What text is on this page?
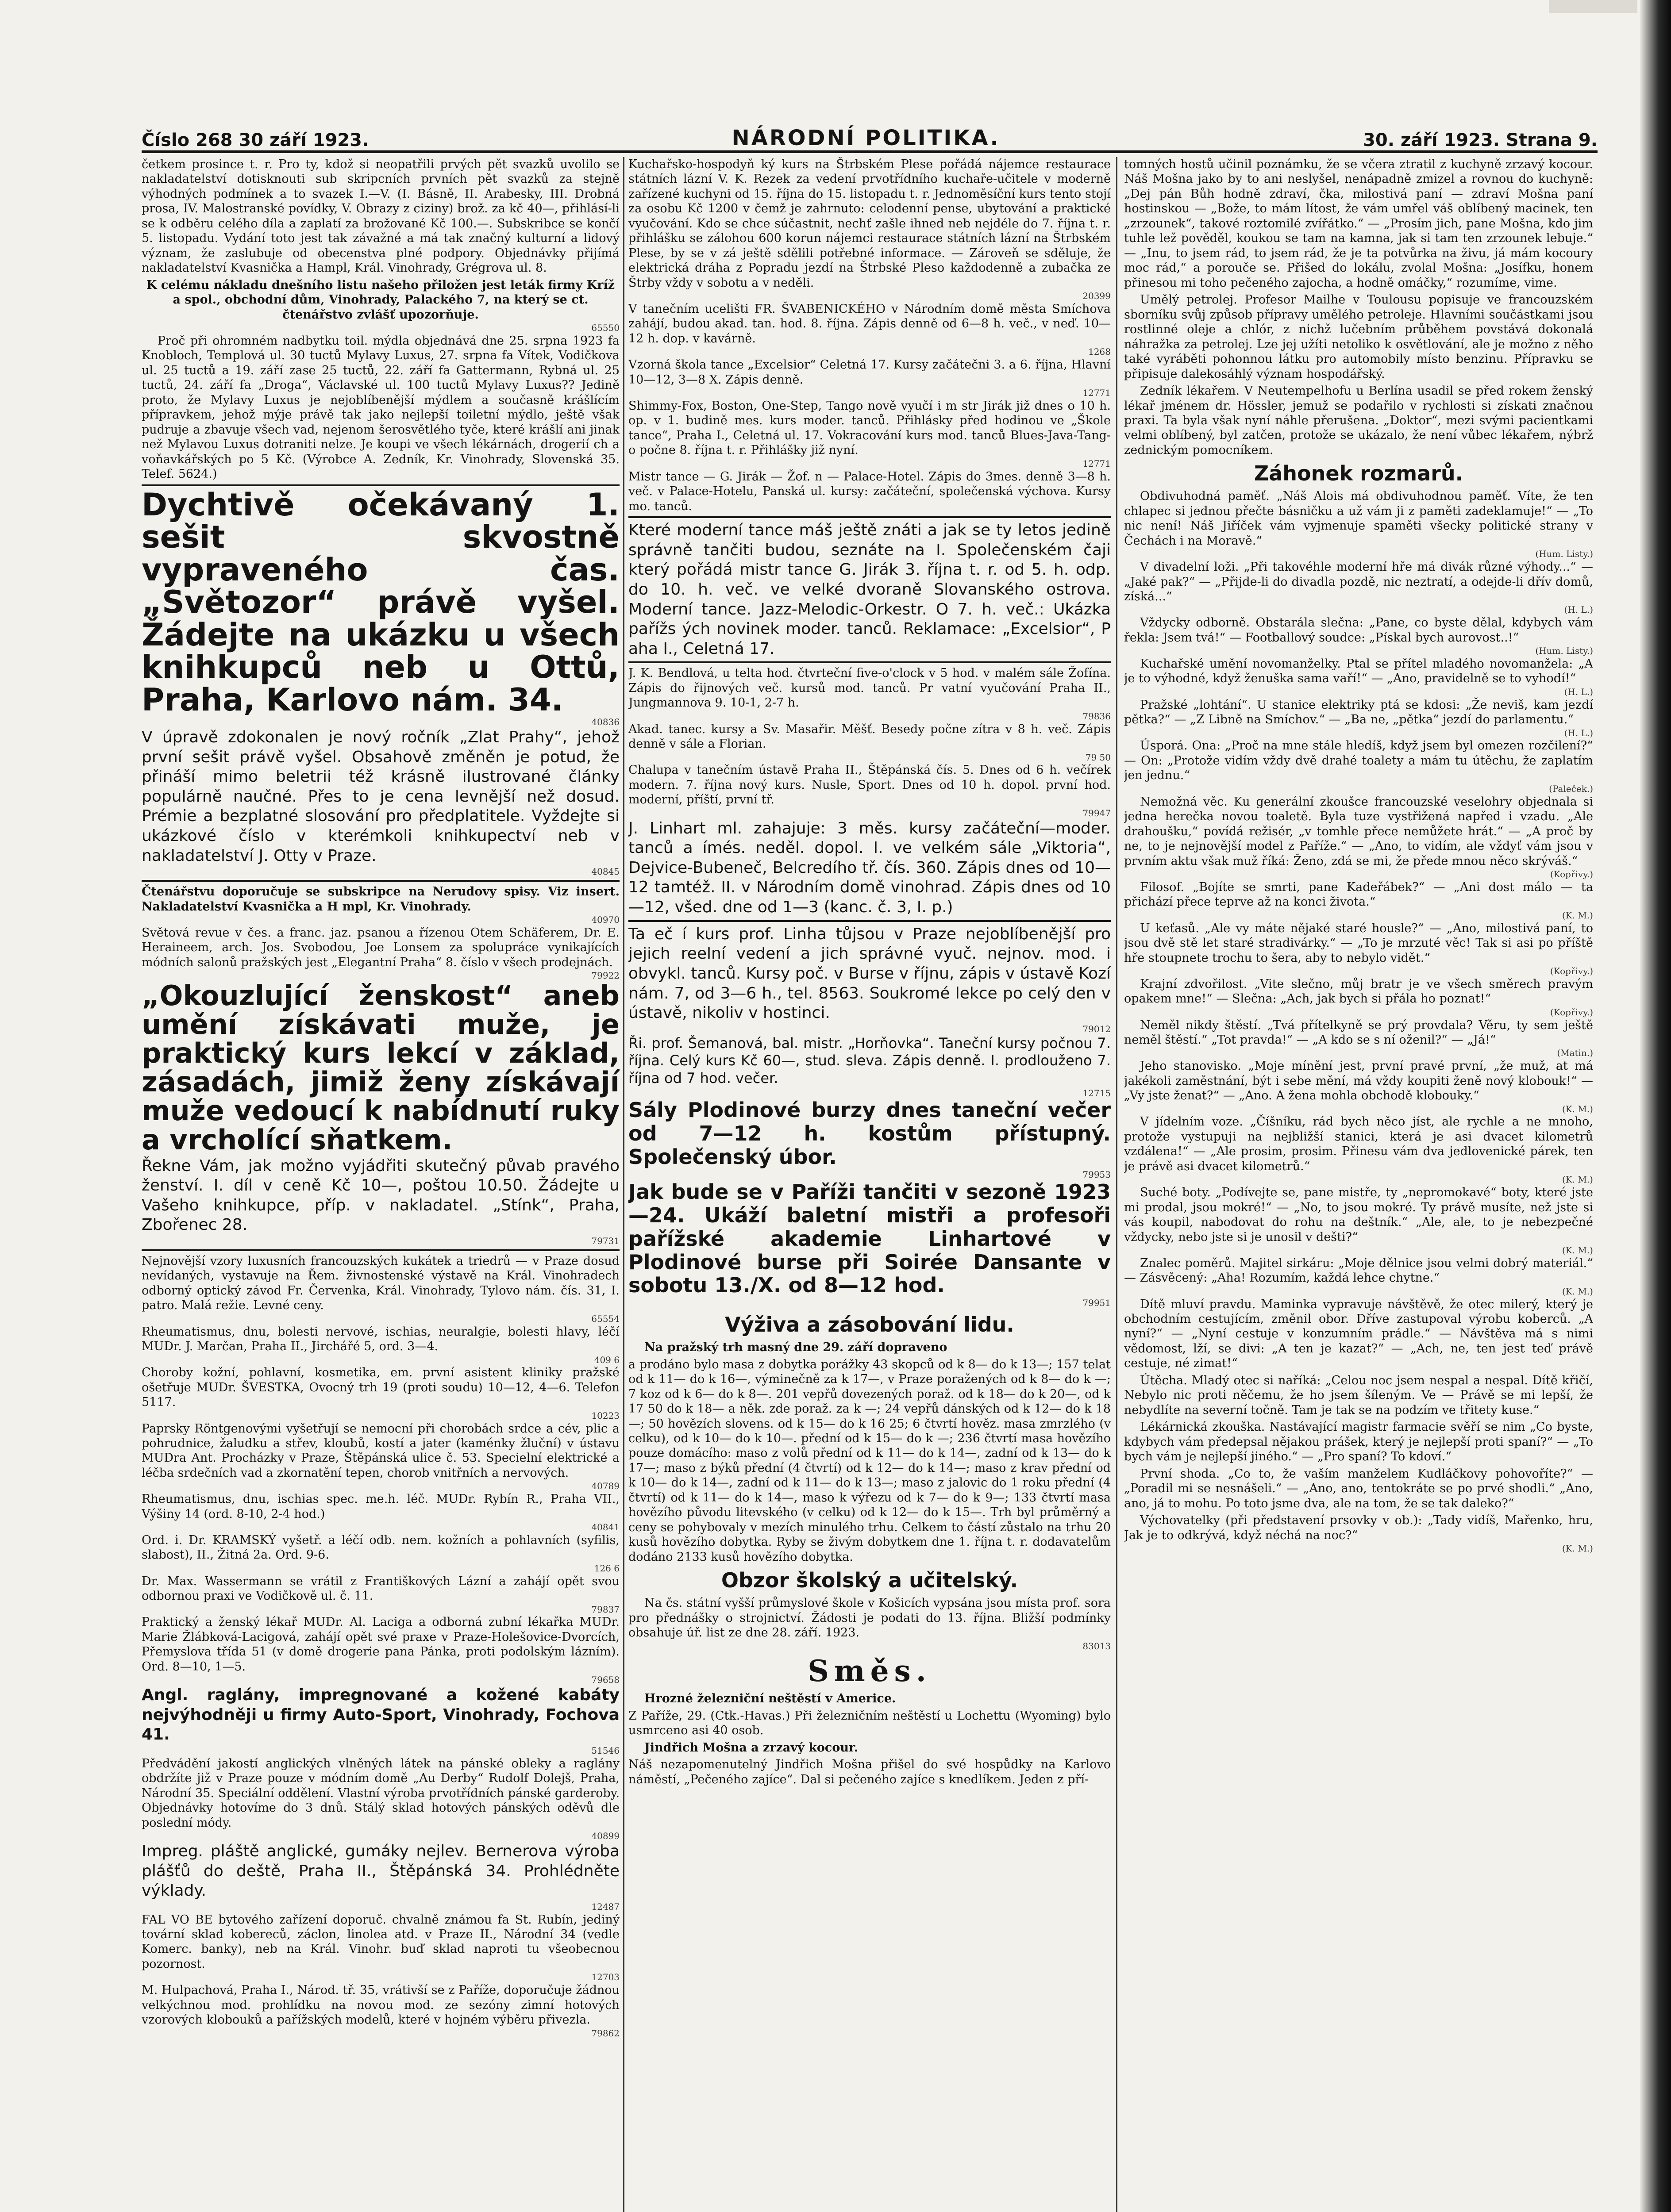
Číslo 268 30 září 1923.	NÁRODNÍ POLITIKA.	30. září 1923. Strana 9.

četkem prosince t. r. Pro ty, kdož si neopatřili prvých pět svazků uvolilo se nakladatelství dotisknouti sub skripcních prvních pět svazků za stejně výhodných podmínek a to svazek I.—V. (I. Básně, II. Arabesky, III. Drobná prosa, IV. Malostranské povídky, V. Obrazy z ciziny) brož. za kč 40—, přihlásí-li se k odběru celého díla a zaplatí za brožované Kč 100.—. Subskribce se končí 5. listopadu. Vydání toto jest tak závažné a má tak značný kulturní a lidový význam, že zaslubuje od obecenstva plné podpory. Objednávky přijímá nakladatelství Kvasnička a Hampl, Král. Vinohrady, Grégrova ul. 8.

K celému nákladu dnešního listu našeho přiložen jest leták firmy Kríž a spol., obchodní dům, Vinohrady, Palackého 7, na který se ct. čtenářstvo zvlášť upozorňuje.

65550

Proč při ohromném nadbytku toil. mýdla objednává dne 25. srpna 1923 fa Knobloch, Templová ul. 30 tuctů Mylavy Luxus, 27. srpna fa Vítek, Vodičkova ul. 25 tuctů a 19. září zase 25 tuctů, 22. září fa Gattermann, Rybná ul. 25 tuctů, 24. září fa „Droga“, Václavské ul. 100 tuctů Mylavy Luxus?? Jedině proto, že Mylavy Luxus je nejoblíbenější mýdlem a současně krášlícím přípravkem, jehož mýje právě tak jako nejlepší toiletní mýdlo, ještě však pudruje a zbavuje všech vad, nejenom šerosvětlého tyče, které krášlí ani jinak než Mylavou Luxus dotraniti nelze. Je koupi ve všech lékárnách, drogerií ch a voňavkářských po 5 Kč. (Výrobce A. Zedník, Kr. Vinohrady, Slovenská 35. Telef. 5624.)

Dychtivě očekávaný 1. sešit skvostně vypraveného čas. „Světozor“ právě vyšel. Žádejte na ukázku u všech knihkupců neb u Ottů, Praha, Karlovo nám. 34.

40836

V úpravě zdokonalen je nový ročník „Zlat Prahy“, jehož první sešit právě vyšel. Obsahově změněn je potud, že přináší mimo beletrii též krásně ilustrované články populárně naučné. Přes to je cena levnější než dosud. Prémie a bezplatné slosování pro předplatitele. Vyždejte si ukázkové číslo v kterémkoli knihkupectví neb v nakladatelství J. Otty v Praze.

40845

Čtenářstvu doporučuje se subskripce na Nerudovy spisy. Viz insert. Nakladatelství Kvasnička a H mpl, Kr. Vinohrady.

40970

Světová revue v čes. a franc. jaz. psanou a řízenou Otem Schäferem, Dr. E. Heraineem, arch. Jos. Svobodou, Joe Lonsem za spolupráce vynikajících módních salonů pražských jest „Elegantní Praha“ 8. číslo v všech prodejnách.

79922

„Okouzlující ženskost“ aneb umění získávati muže, je praktický kurs lekcí v základ, zásadách, jimiž ženy získávají muže vedoucí k nabídnutí ruky a vrcholící sňatkem.

Řekne Vám, jak možno vyjádřiti skutečný půvab pravého ženství. I. díl v ceně Kč 10—, poštou 10.50. Žádejte u Vašeho knihkupce, příp. v nakladatel. „Stínk“, Praha, Zbořenec 28.

79731

Nejnovější vzory luxusních francouzských kukátek a triedrů — v Praze dosud nevídaných, vystavuje na Řem. živnostenské výstavě na Král. Vinohradech odborný optický závod Fr. Červenka, Král. Vinohrady, Tylovo nám. čís. 31, I. patro. Malá režie. Levné ceny.

65554

Rheumatismus, dnu, bolesti nervové, ischias, neuralgie, bolesti hlavy, léčí MUDr. J. Marčan, Praha II., Jirchářé 5, ord. 3—4.

409 6

Choroby kožní, pohlavní, kosmetika, em. první asistent kliniky pražské ošetřuje MUDr. ŠVESTKA, Ovocný trh 19 (proti soudu) 10—12, 4—6. Telefon 5117.

10223

Paprsky Röntgenovými vyšetřují se nemocní při chorobách srdce a cév, plic a pohrudnice, žaludku a střev, kloubů, kostí a jater (kaménky žluční) v ústavu MUDra Ant. Procházky v Praze, Štěpánská ulice č. 53. Specielní elektrické a léčba srdečních vad a zkornatění tepen, chorob vnitřních a nervových.

40789

Rheumatismus, dnu, ischias spec. me.h. léč. MUDr. Rybín R., Praha VII., Výšiny 14 (ord. 8-10, 2-4 hod.)

40841

Ord. i. Dr. KRAMSKÝ vyšetř. a léčí odb. nem. kožních a pohlavních (syfilis, slabost), II., Žitná 2a. Ord. 9-6.

126 6

Dr. Max. Wassermann se vrátil z Františkových Lázní a zahájí opět svou odbornou praxi ve Vodičkově ul. č. 11.

79837

Praktický a ženský lékař MUDr. Al. Laciga a odborná zubní lékařka MUDr. Marie Žlábková-Lacigová, zahájí opět své praxe v Praze-Holešovice-Dvorcích, Přemyslova třída 51 (v domě drogerie pana Pánka, proti podolským lázním). Ord. 8—10, 1—5.

79658

Angl. raglány, impregnované a kožené kabáty nejvýhodněji u firmy Auto-Sport, Vinohrady, Fochova 41.

51546

Předvádění jakostí anglických vlněných látek na pánské obleky a raglány obdržíte již v Praze pouze v módním domě „Au Derby“ Rudolf Dolejš, Praha, Národní 35. Speciální oddělení. Vlastní výroba prvotřídních pánské garderoby. Objednávky hotovíme do 3 dnů. Stálý sklad hotových pánských oděvů dle poslední módy.

40899

Impreg. pláště anglické, gumáky nejlev. Bernerova výroba plášťů do deště, Praha II., Štěpánská 34. Prohlédněte výklady.

12487

FAL VO BE bytového zařízení doporuč. chvalně známou fa St. Rubín, jediný tovární sklad kobereců, záclon, linolea atd. v Praze II., Národní 34 (vedle Komerc. banky), neb na Král. Vinohr. buď sklad naproti tu všeobecnou pozornost.

12703

M. Hulpachová, Praha I., Národ. tř. 35, vrátivší se z Paříže, doporučuje žádnou velkýchnou mod. prohlídku na novou mod. ze sezóny zimní hotových vzorových klobouků a pařížských modelů, které v hojném výběru přivezla.

79862

Kuchařsko-hospodyň ký kurs na Štrbském Plese pořádá nájemce restaurace státních lázní V. K. Rezek za vedení prvotřídního kuchaře-učitele v moderně zařízené kuchyni od 15. října do 15. listopadu t. r. Jednoměsíční kurs tento stojí za osobu Kč 1200 v čemž je zahrnuto: celodenní pense, ubytování a praktické vyučování. Kdo se chce súčastnit, nechť zašle ihned neb nejdéle do 7. října t. r. přihlášku se zálohou 600 korun nájemci restaurace státních lázní na Štrbském Plese, by se v zá ještě sdělili potřebné informace. — Zároveň se sděluje, že elektrická dráha z Popradu jezdí na Štrbské Pleso každodenně a zubačka ze Štrby vždy v sobotu a v neděli.

20399

V tanečním ucelišti FR. ŠVABENICKÉHO v Národním domě města Smíchova zahájí, budou akad. tan. hod. 8. října. Zápis denně od 6—8 h. več., v neď. 10—12 h. dop. v kavárně.

1268

Vzorná škola tance „Excelsior“ Celetná 17. Kursy začátečni 3. a 6. října, Hlavní 10—12, 3—8 X. Zápis denně.

12771

Shimmy-Fox, Boston, One-Step, Tango nově vyučí i m str Jirák již dnes o 10 h. op. v 1. budině mes. kurs moder. tanců. Přihlásky před hodinou ve „Škole tance“, Praha I., Celetná ul. 17. Vokracování kurs mod. tanců Blues-Java-Tang-o počne 8. října t. r. Přihlášky již nyní.

12771

Mistr tance — G. Jirák — Žof. n — Palace-Hotel. Zápis do 3mes. denně 3—8 h. več. v Palace-Hotelu, Panská ul. kursy: začáteční, společenská výchova. Kursy mo. tanců.

Které moderní tance máš ještě znáti a jak se ty letos jedině správně tančiti budou, seznáte na I. Společenském čaji který pořádá mistr tance G. Jirák 3. října t. r. od 5. h. odp. do 10. h. več. ve velké dvoraně Slovanského ostrova. Moderní tance. Jazz-Melodic-Orkestr. O 7. h. več.: Ukázka pařížs ých novinek moder. tanců. Reklamace: „Excelsior“, P aha I., Celetná 17.

J. K. Bendlová, u telta hod. čtvrteční five-o'clock v 5 hod. v malém sále Žofína. Zápis do řijnových več. kursů mod. tanců. Pr vatní vyučování Praha II., Jungmannova 9. 10-1, 2-7 h.

79836

Akad. tanec. kursy a Sv. Masařir. Měšť. Besedy počne zítra v 8 h. več. Zápis denně v sále a Florian.

79 50

Chalupa v tanečním ústavě Praha II., Štěpánská čís. 5. Dnes od 6 h. večírek modern. 7. října nový kurs. Nusle, Sport. Dnes od 10 h. dopol. první hod. moderní, příští, první tř.

79947

J. Linhart ml. zahajuje: 3 měs. kursy začáteční—moder. tanců a ímés. neděl. dopol. I. ve velkém sále „Viktoria“, Dejvice-Bubeneč, Belcredího tř. čís. 360. Zápis dnes od 10—12 tamtéž. II. v Národním domě vinohrad. Zápis dnes od 10—12, všed. dne od 1—3 (kanc. č. 3, I. p.)

Ta eč í kurs prof. Linha tůjsou v Praze nejoblíbenější pro jejich reelní vedení a jich správné vyuč. nejnov. mod. i obvykl. tanců. Kursy poč. v Burse v říjnu, zápis v ústavě Kozí nám. 7, od 3—6 h., tel. 8563. Soukromé lekce po celý den v ústavě, nikoliv v hostinci.

79012

Ři. prof. Šemanová, bal. mistr. „Horňovka“. Taneční kursy počnou 7. října. Celý kurs Kč 60—, stud. sleva. Zápis denně. I. prodlouženo 7. října od 7 hod. večer.

12715

Sály Plodinové burzy dnes taneční večer od 7—12 h. kostům přístupný. Společenský úbor.

79953

Jak bude se v Paříži tančiti v sezoně 1923—24. Ukáží baletní mistři a profesoři pařížské akademie Linhartové v Plodinové burse při Soirée Dansante v sobotu 13./X. od 8—12 hod.

79951
Výživa a zásobování lidu.

Na pražský trh masný dne 29. září dopraveno

a prodáno bylo masa z dobytka porážky 43 skopců od k 8— do k 13—; 157 telat od k 11— do k 16—, výminečně za k 17—, v Praze poražených od k 8— do k —; 7 koz od k 6— do k 8—. 201 vepřů dovezených poraž. od k 18— do k 20—, od k 17 50 do k 18— a něk. zde poraž. za k —; 24 vepřů dánských od k 12— do k 18—; 50 hovězích slovens. od k 15— do k 16 25; 6 čtvrtí hověz. masa zmrzlého (v celku), od k 10— do k 10—. přední od k 15— do k —; 236 čtvrtí masa hovězího pouze domácího: maso z volů přední od k 11— do k 14—, zadní od k 13— do k 17—; maso z býků přední (4 čtvrtí) od k 12— do k 14—; maso z krav přední od k 10— do k 14—, zadní od k 11— do k 13—; maso z jalovic do 1 roku přední (4 čtvrtí) od k 11— do k 14—, maso k výřezu od k 7— do k 9—; 133 čtvrtí masa hovězího původu litevského (v celku) od k 12— do k 15—. Trh byl průměrný a ceny se pohybovaly v mezích minulého trhu. Celkem to částí zůstalo na trhu 20 kusů hovězího dobytka. Ryby se živým dobytkem dne 1. října t. r. dodavatelům dodáno 2133 kusů hovězího dobytka.

Obzor školský a učitelský.

Na čs. státní vyšší průmyslové škole v Košicích vypsána jsou místa prof. sora pro přednášky o strojnictví. Žádosti je podati do 13. října. Bližší podmínky obsahuje úř. list ze dne 28. září. 1923.

83013
Směs.

Hrozné železniční neštěstí v Americe.

Z Paříže, 29. (Ctk.-Havas.) Při železničním neštěstí u Lochettu (Wyoming) bylo usmrceno asi 40 osob.

Jindřich Mošna a zrzavý kocour.

Náš nezapomenutelný Jindřich Mošna přišel do své hospůdky na Karlovo náměstí, „Pečeného zajíce“. Dal si pečeného zajíce s knedlíkem. Jeden z pří-

tomných hostů učinil poznámku, že se včera ztratil z kuchyně zrzavý kocour. Náš Mošna jako by to ani neslyšel, nenápadně zmizel a rovnou do kuchyně: „Dej pán Bůh hodně zdraví, čka, milostivá paní — zdraví Mošna paní hostinskou — „Bože, to mám lítost, že vám umřel váš oblíbený macinek, ten „zrzounek“, takové roztomilé zvířátko.“ — „Prosím jich, pane Mošna, kdo jim tuhle lež pověděl, koukou se tam na kamna, jak si tam ten zrzounek lebuje.“ — „Inu, to jsem rád, to jsem rád, že je ta potvůrka na živu, já mám kocoury moc rád,“ a porouče se. Přišed do lokálu, zvolal Mošna: „Josífku, honem přinesou mi toho pečeného zajocha, a hodně omáčky,“ rozumíme, vime.

Umělý petrolej. Profesor Mailhe v Toulousu popisuje ve francouzském sborníku svůj způsob přípravy umělého petroleje. Hlavními součástkami jsou rostlinné oleje a chlór, z nichž lučebním průběhem povstává dokonalá náhražka za petrolej. Lze jej užíti netoliko k osvětlování, ale je možno z něho také vyráběti pohonnou látku pro automobily místo benzinu. Přípravku se připisuje dalekosáhlý význam hospodářský.

Zedník lékařem. V Neutempelhofu u Berlína usadil se před rokem ženský lékař jménem dr. Hössler, jemuž se podařilo v rychlosti si získati značnou praxi. Ta byla však nyní náhle přerušena. „Doktor“, mezi svými pacientkami velmi oblíbený, byl zatčen, protože se ukázalo, že není vůbec lékařem, nýbrž zednickým pomocníkem.

Záhonek rozmarů.

Obdivuhodná paměť. „Náš Alois má obdivuhodnou paměť. Víte, že ten chlapec si jednou přečte básničku a už vám ji z paměti zadeklamuje!“ — „To nic není! Náš Jiříček vám vyjmenuje spaměti všecky politické strany v Čechách i na Moravě.“

(Hum. Listy.)

V divadelní loži. „Při takovéhle moderní hře má divák různé výhody...“ — „Jaké pak?“ — „Přijde-li do divadla pozdě, nic neztratí, a odejde-li dřív domů, získá...“

(H. L.)

Vždycky odborně. Obstarála slečna: „Pane, co byste dělal, kdybych vám řekla: Jsem tvá!“ — Footballový soudce: „Pískal bych aurovost..!“

(Hum. Listy.)

Kuchařské umění novomanželky. Ptal se přítel mladého novomanžela: „A je to výhodné, když ženuška sama vaří!“ — „Ano, pravidelně se to vyhodí!“

(H. L.)

Pražské „lohtání“. U stanice elektriky ptá se kdosi: „Že neviš, kam jezdí pětka?“ — „Z Libně na Smíchov.“ — „Ba ne, „pětka“ jezdí do parlamentu.“

(H. L.)

Úsporá. Ona: „Proč na mne stále hledíš, když jsem byl omezen rozčilení?“ — On: „Protože vidím vždy dvě drahé toalety a mám tu útěchu, že zaplatím jen jednu.“

(Paleček.)

Nemožná věc. Ku generální zkoušce francouzské veselohry objednala si jedna herečka novou toaletě. Byla tuze vystřižená napřed i vzadu. „Ale drahoušku,“ povídá režisér, „v tomhle přece nemůžete hrát.“ — „A proč by ne, to je nejnovější model z Paříže.“ — „Ano, to vidím, ale vždyť vám jsou v prvním aktu však muž říká: Ženo, zdá se mi, že přede mnou něco skrýváš.“

(Kopřivy.)

Filosof. „Bojíte se smrti, pane Kadeřábek?“ — „Ani dost málo — ta přichází přece teprve až na konci života.“

(K. M.)

U keťasů. „Ale vy máte nějaké staré housle?“ — „Ano, milostivá paní, to jsou dvě stě let staré stradivárky.“ — „To je mrzuté věc! Tak si asi po příště hře stoupnete trochu to šera, aby to nebylo vidět.“

(Kopřivy.)

Krajní zdvořilost. „Vite slečno, můj bratr je ve všech směrech pravým opakem mne!“ — Slečna: „Ach, jak bych si přála ho poznat!“

(Kopřivy.)

Neměl nikdy štěstí. „Tvá přítelkyně se prý provdala? Věru, ty sem ještě neměl štěstí.“ „Tot pravda!“ — „A kdo se s ní oženil?“ — „Já!“

(Matin.)

Jeho stanovisko. „Moje mínění jest, první pravé první, „že muž, at má jakékoli zaměstnání, být i sebe mění, má vždy koupiti ženě nový klobouk!“ — „Vy jste ženat?“ — „Ano. A žena mohla obchodě klobouky.“

(K. M.)

V jídelním voze. „Číšníku, rád bych něco jíst, ale rychle a ne mnoho, protože vystupuji na nejbližší stanici, která je asi dvacet kilometrů vzdálena!“ — „Ale prosim, prosim. Přinesu vám dva jedlovenické párek, ten je právě asi dvacet kilometrů.“

(K. M.)

Suché boty. „Podívejte se, pane mistře, ty „nepromokavé“ boty, které jste mi prodal, jsou mokré!“ — „No, to jsou mokré. Ty právě musíte, než jste si vás koupil, nabodovat do rohu na deštník.“ „Ale, ale, to je nebezpečné vždycky, nebo jste si je unosil v dešti?“

(K. M.)

Znalec poměrů. Majitel sirkáru: „Moje dělnice jsou velmi dobrý materiál.“ — Zásvěcený: „Aha! Rozumím, každá lehce chytne.“

(K. M.)

Dítě mluví pravdu. Maminka vypravuje návštěvě, že otec milerý, který je obchodním cestujícím, změnil obor. Dříve zastupoval výrobu koberců. „A nyní?“ — „Nyní cestuje v konzumním prádle.“ — Návštěva má s nimi vědomost, lží, se divi: „A ten je kazat?“ — „Ach, ne, ten jest teď právě cestuje, né zimat!“

Útěcha. Mladý otec si naříká: „Celou noc jsem nespal a nespal. Dítě křičí, Nebylo nic proti něčemu, že ho jsem šíleným. Ve — Právě se mi lepší, že nebydlíte na severní točně. Tam je tak se na podzím ve třitety kuse.“

Lékárnická zkouška. Nastávající magistr farmacie svěří se nim „Co byste, kdybych vám předepsal nějakou prášek, který je nejlepší proti spaní?“ — „To bych vám je nejlepší jiného.“ — „Pro spaní? To kdoví.“

První shoda. „Co to, že vaším manželem Kudláčkovy pohovoříte?“ — „Poradil mi se nesnášeli.“ — „Ano, ano, tentokráte se po prvé shodli.“ „Ano, ano, já to mohu. Po toto jsme dva, ale na tom, že se tak daleko?“

Výchovatelky (při představení prsovky v ob.): „Tady vidíš, Mařenko, hru, Jak je to odkrývá, když néchá na noc?“

(K. M.)
